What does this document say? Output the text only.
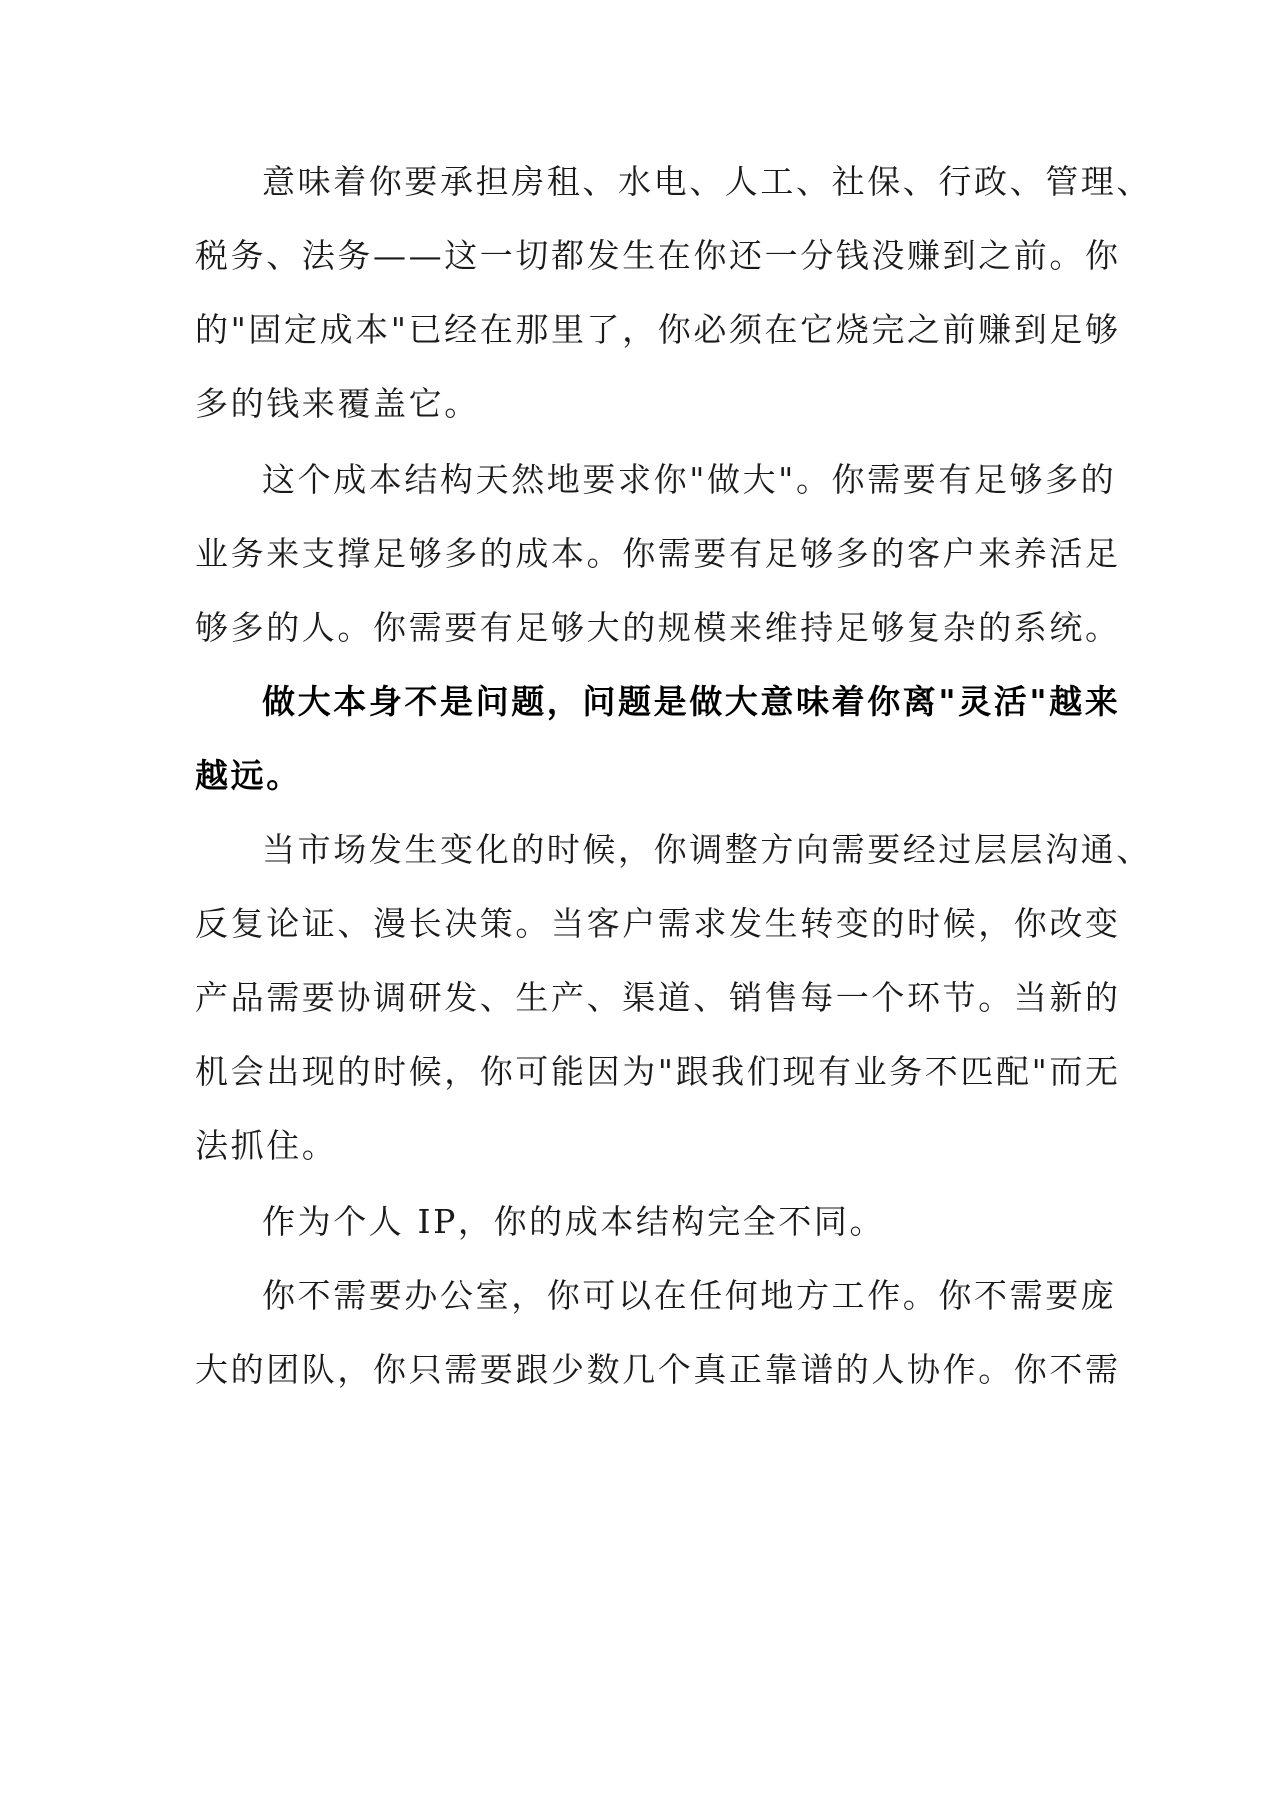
意味着你要承担房租、水电、人工、社保、行政、管理、
税务、法务——这一切都发生在你还一分钱没赚到之前。你
的"固定成本"已经在那里了，你必须在它烧完之前赚到足够
多的钱来覆盖它。
这个成本结构天然地要求你"做大"。你需要有足够多的
业务来支撑足够多的成本。你需要有足够多的客户来养活足
够多的人。你需要有足够大的规模来维持足够复杂的系统。
做大本身不是问题，问题是做大意味着你离"灵活"越来
越远。
当市场发生变化的时候，你调整方向需要经过层层沟通、
反复论证、漫长决策。当客户需求发生转变的时候，你改变
产品需要协调研发、生产、渠道、销售每一个环节。当新的
机会出现的时候，你可能因为"跟我们现有业务不匹配"而无
法抓住。
作为个人 IP，你的成本结构完全不同。
你不需要办公室，你可以在任何地方工作。你不需要庞
大的团队，你只需要跟少数几个真正靠谱的人协作。你不需
